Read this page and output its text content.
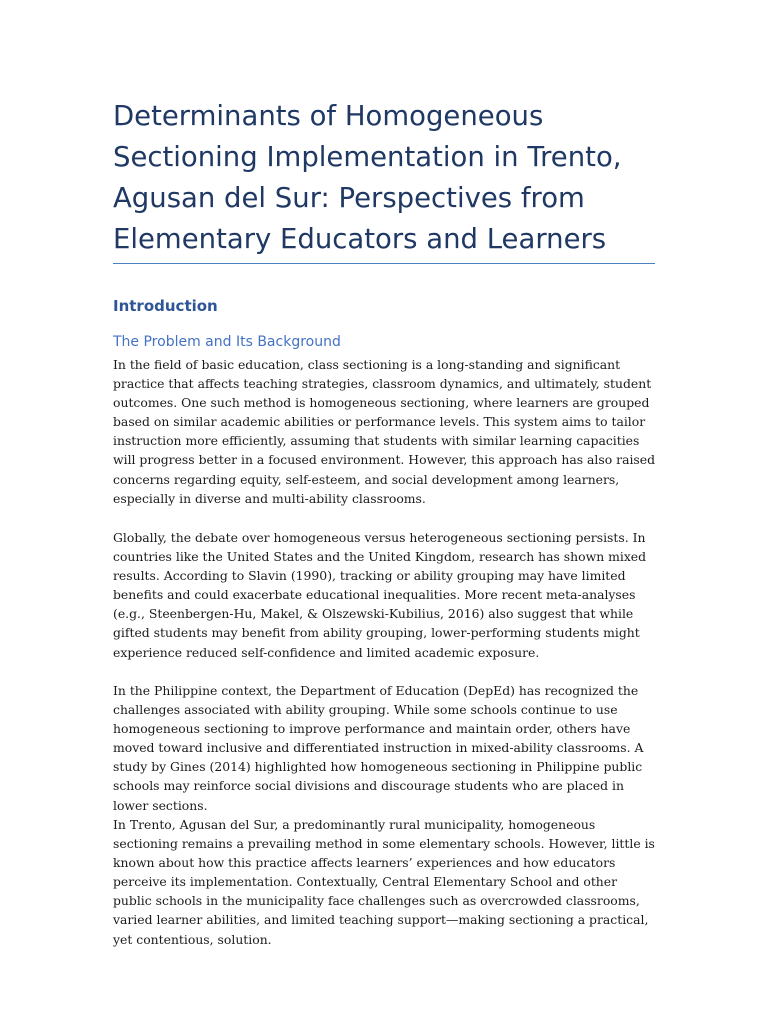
Determinants of Homogeneous Sectioning Implementation in Trento, Agusan del Sur: Perspectives from Elementary Educators and Learners
Introduction
The Problem and Its Background

In the field of basic education, class sectioning is a long-standing and significant practice that affects teaching strategies, classroom dynamics, and ultimately, student outcomes. One such method is homogeneous sectioning, where learners are grouped based on similar academic abilities or performance levels. This system aims to tailor instruction more efficiently, assuming that students with similar learning capacities will progress better in a focused environment. However, this approach has also raised concerns regarding equity, self-esteem, and social development among learners, especially in diverse and multi-ability classrooms.

Globally, the debate over homogeneous versus heterogeneous sectioning persists. In countries like the United States and the United Kingdom, research has shown mixed results. According to Slavin (1990), tracking or ability grouping may have limited benefits and could exacerbate educational inequalities. More recent meta-analyses (e.g., Steenbergen-Hu, Makel, & Olszewski-Kubilius, 2016) also suggest that while gifted students may benefit from ability grouping, lower-performing students might experience reduced self-confidence and limited academic exposure.

In the Philippine context, the Department of Education (DepEd) has recognized the challenges associated with ability grouping. While some schools continue to use homogeneous sectioning to improve performance and maintain order, others have moved toward inclusive and differentiated instruction in mixed-ability classrooms. A study by Gines (2014) highlighted how homogeneous sectioning in Philippine public schools may reinforce social divisions and discourage students who are placed in lower sections.

In Trento, Agusan del Sur, a predominantly rural municipality, homogeneous sectioning remains a prevailing method in some elementary schools. However, little is known about how this practice affects learners’ experiences and how educators perceive its implementation. Contextually, Central Elementary School and other public schools in the municipality face challenges such as overcrowded classrooms, varied learner abilities, and limited teaching support—making sectioning a practical, yet contentious, solution.
